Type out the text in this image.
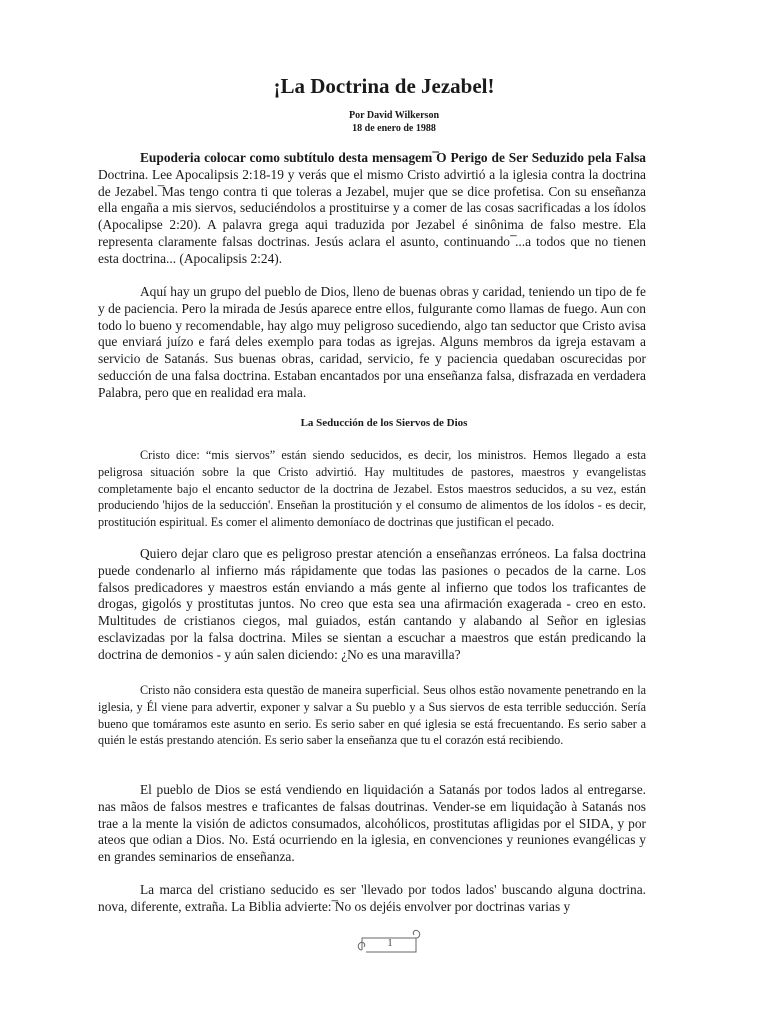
¡La Doctrina de Jezabel!

Por David Wilkerson

18 de enero de 1988

Eupoderia colocar como subtítulo desta mensagem ̅O Perigo de Ser Seduzido pela Falsa Doctrina. Lee Apocalipsis 2:18-19 y verás que el mismo Cristo advirtió a la iglesia contra la doctrina de Jezabel. ̅Mas tengo contra ti que toleras a Jezabel, mujer que se dice profetisa. Con su enseñanza ella engaña a mis siervos, seduciéndolos a prostituirse y a comer de las cosas sacrificadas a los ídolos (Apocalipse 2:20). A palavra grega aqui traduzida por Jezabel é sinônima de falso mestre. Ela representa claramente falsas doctrinas. Jesús aclara el asunto, continuando ̅...a todos que no tienen esta doctrina... (Apocalipsis 2:24).

Aquí hay un grupo del pueblo de Dios, lleno de buenas obras y caridad, teniendo un tipo de fe y de paciencia. Pero la mirada de Jesús aparece entre ellos, fulgurante como llamas de fuego. Aun con todo lo bueno y recomendable, hay algo muy peligroso sucediendo, algo tan seductor que Cristo avisa que enviará juízo e fará deles exemplo para todas as igrejas. Alguns membros da igreja estavam a servicio de Satanás. Sus buenas obras, caridad, servicio, fe y paciencia quedaban oscurecidas por seducción de una falsa doctrina. Estaban encantados por una enseñanza falsa, disfrazada en verdadera Palabra, pero que en realidad era mala.

La Seducción de los Siervos de Dios

Cristo dice: “mis siervos” están siendo seducidos, es decir, los ministros. Hemos llegado a esta peligrosa situación sobre la que Cristo advirtió. Hay multitudes de pastores, maestros y evangelistas completamente bajo el encanto seductor de la doctrina de Jezabel. Estos maestros seducidos, a su vez, están produciendo 'hijos de la seducción'. Enseñan la prostitución y el consumo de alimentos de los ídolos - es decir, prostitución espiritual. Es comer el alimento demoníaco de doctrinas que justifican el pecado.

Quiero dejar claro que es peligroso prestar atención a enseñanzas erróneos. La falsa doctrina puede condenarlo al infierno más rápidamente que todas las pasiones o pecados de la carne. Los falsos predicadores y maestros están enviando a más gente al infierno que todos los traficantes de drogas, gigolós y prostitutas juntos. No creo que esta sea una afirmación exagerada - creo en esto. Multitudes de cristianos ciegos, mal guiados, están cantando y alabando al Señor en iglesias esclavizadas por la falsa doctrina. Miles se sientan a escuchar a maestros que están predicando la doctrina de demonios - y aún salen diciendo: ¿No es una maravilla?

Cristo não considera esta questão de maneira superficial. Seus olhos estão novamente penetrando en la iglesia, y Él viene para advertir, exponer y salvar a Su pueblo y a Sus siervos de esta terrible seducción. Sería bueno que tomáramos este asunto en serio. Es serio saber en qué iglesia se está frecuentando. Es serio saber a quién le estás prestando atención. Es serio saber la enseñanza que tu el corazón está recibiendo.

El pueblo de Dios se está vendiendo en liquidación a Satanás por todos lados al entregarse. nas mãos de falsos mestres e traficantes de falsas doutrinas. Vender-se em liquidação à Satanás nos trae a la mente la visión de adictos consumados, alcohólicos, prostitutas afligidas por el SIDA, y por ateos que odian a Dios. No. Está ocurriendo en la iglesia, en convenciones y reuniones evangélicas y en grandes seminarios de enseñanza.

La marca del cristiano seducido es ser 'llevado por todos lados' buscando alguna doctrina. nova, diferente, extraña. La Biblia advierte: ̅No os dejéis envolver por doctrinas varias y

1
